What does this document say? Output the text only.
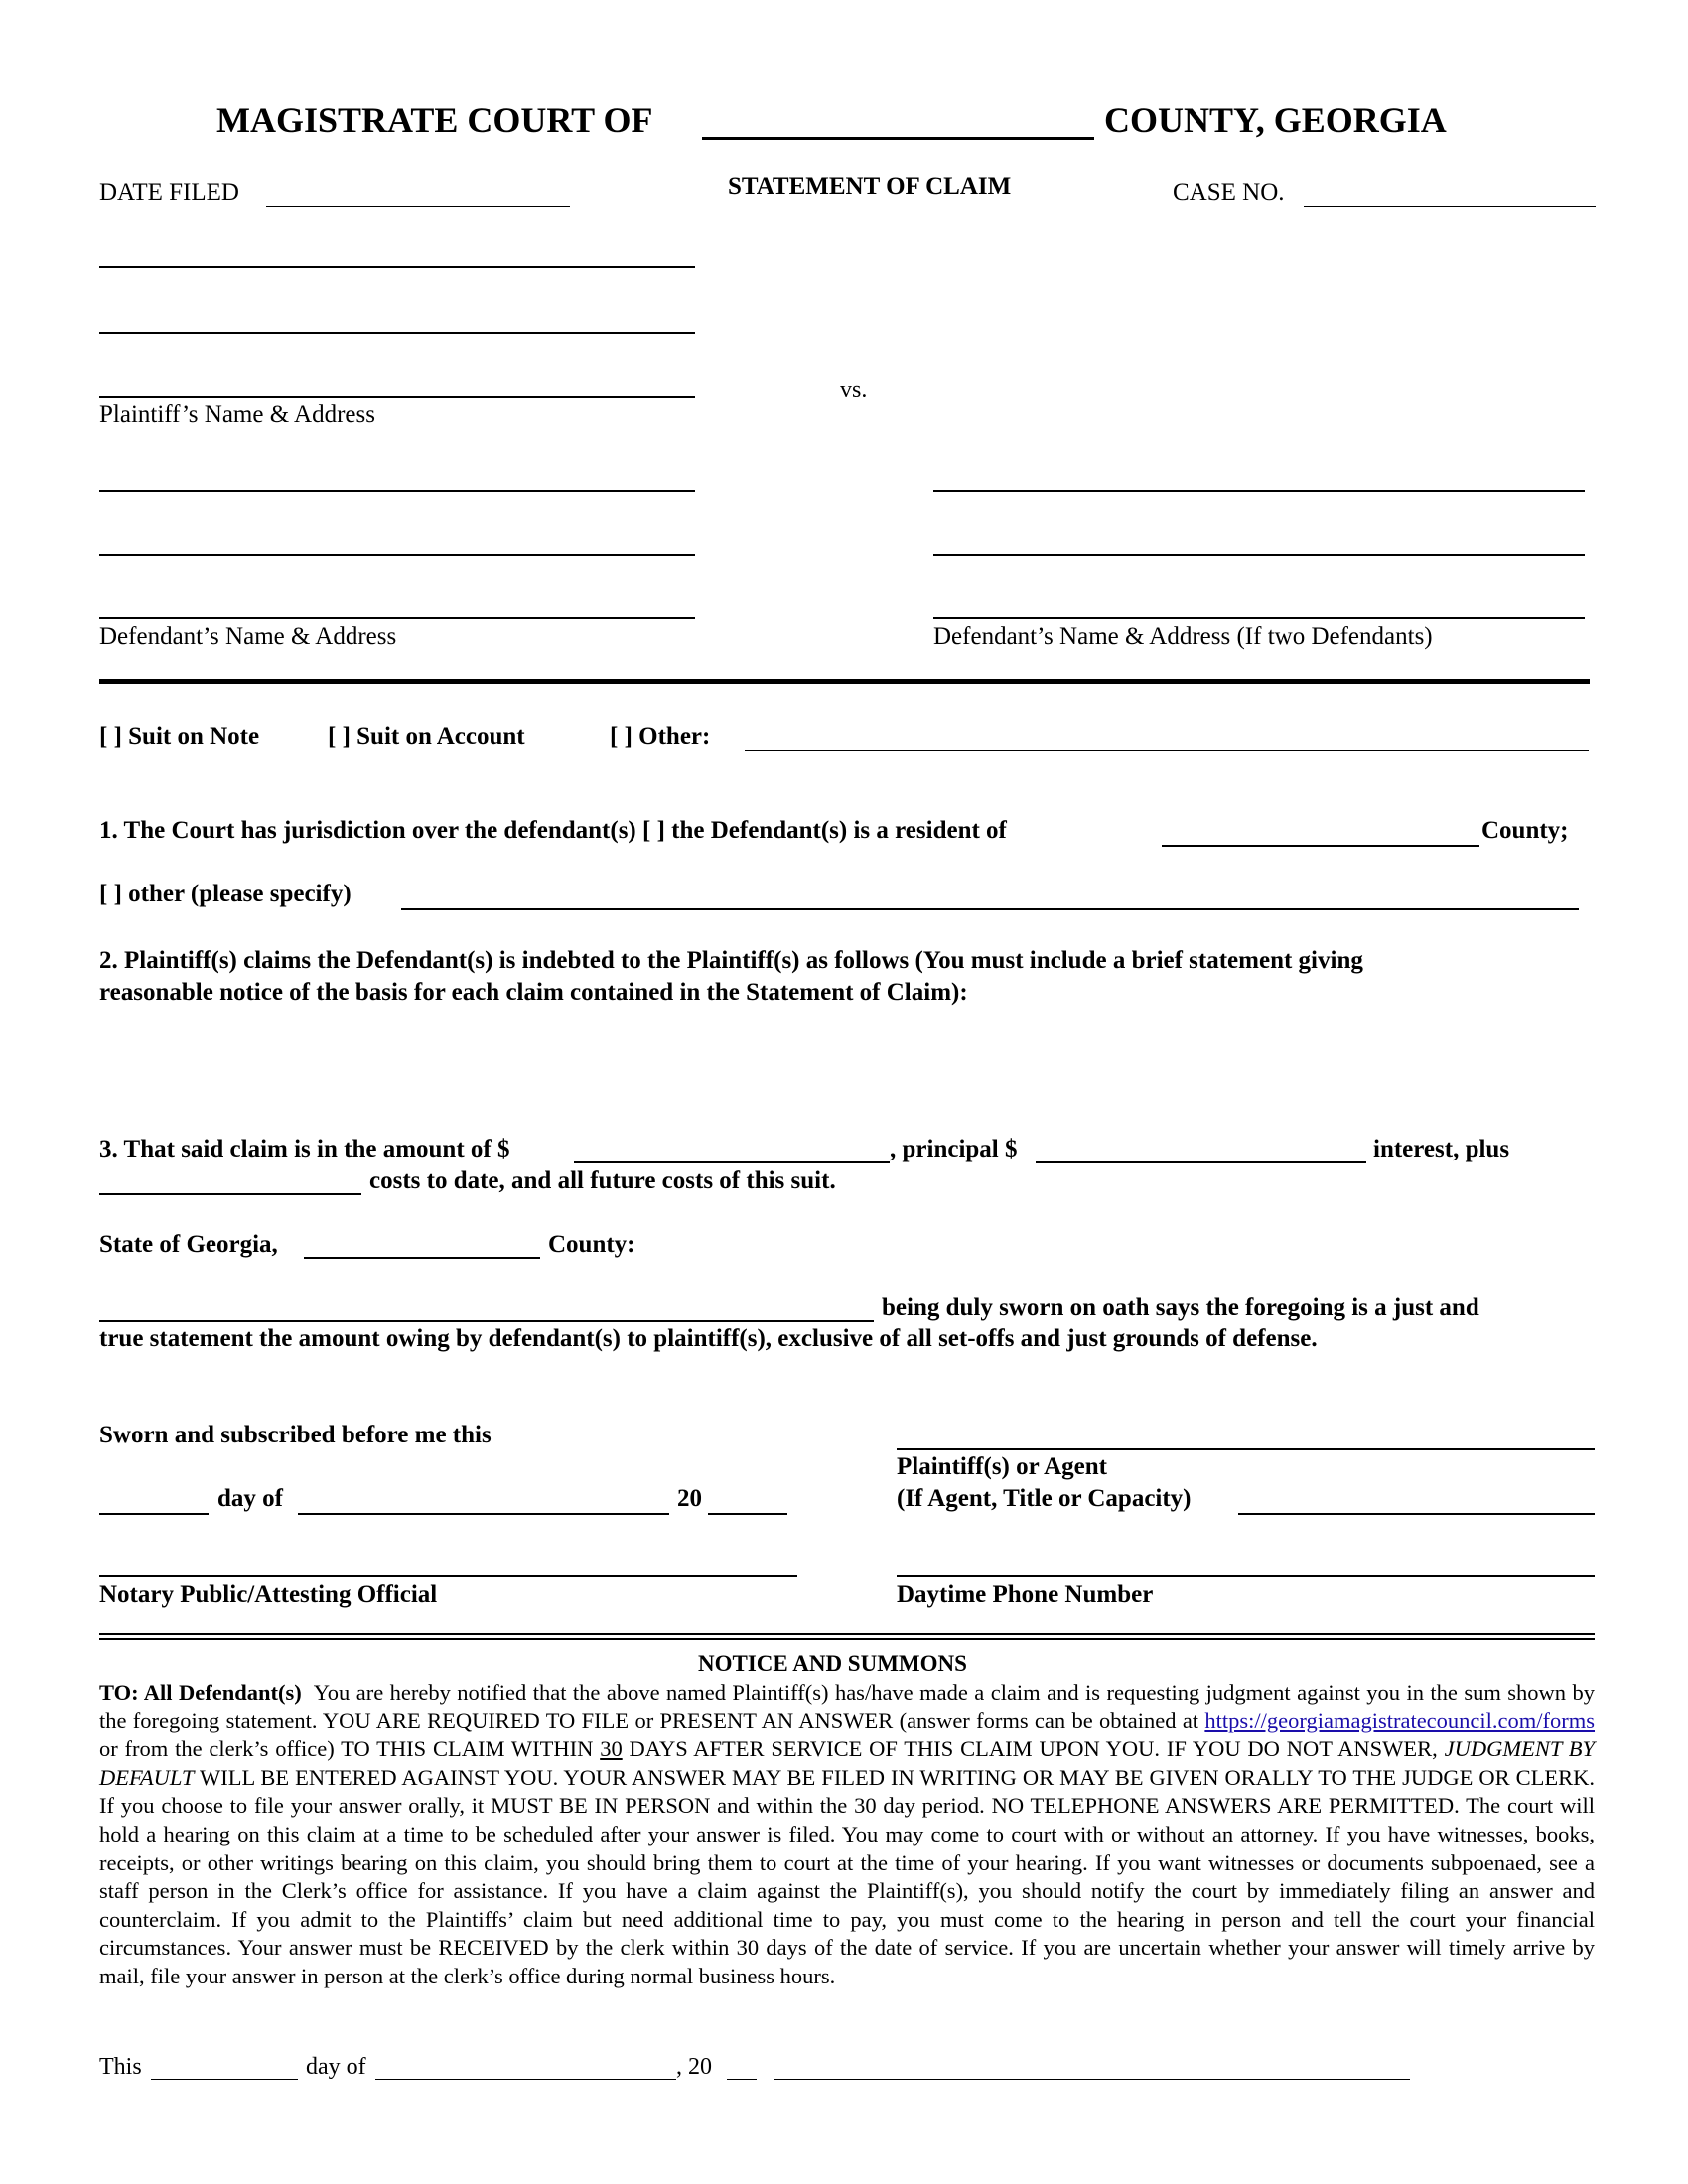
MAGISTRATE COURT OF	COUNTY, GEORGIA
DATE FILED	STATEMENT OF CLAIM	CASE NO.
Plaintiff’s Name & Address
vs.
Defendant’s Name & Address	Defendant’s Name & Address (If two Defendants)
[ ] Suit on Note	[ ] Suit on Account	[ ] Other:
1. The Court has jurisdiction over the defendant(s) [ ] the Defendant(s) is a resident of	County;
[ ] other (please specify)
2. Plaintiff(s) claims the Defendant(s) is indebted to the Plaintiff(s) as follows (You must include a brief statement giving
reasonable notice of the basis for each claim contained in the Statement of Claim):
3. That said claim is in the amount of $	, principal $	interest, plus
costs to date, and all future costs of this suit.
State of Georgia,	County:
being duly sworn on oath says the foregoing is a just and
true statement the amount owing by defendant(s) to plaintiff(s), exclusive of all set-offs and just grounds of defense.
Sworn and subscribed before me this
Plaintiff(s) or Agent
day of	20	(If Agent, Title or Capacity)
Notary Public/Attesting Official	Daytime Phone Number
NOTICE AND SUMMONS
TO: All Defendant(s) You are hereby notified that the above named Plaintiff(s) has/have made a claim and is requesting judgment against you in the sum shown by the foregoing statement. YOU ARE REQUIRED TO FILE or PRESENT AN ANSWER (answer forms can be obtained at https://georgiamagistratecouncil.com/forms or from the clerk’s office) TO THIS CLAIM WITHIN 30 DAYS AFTER SERVICE OF THIS CLAIM UPON YOU. IF YOU DO NOT ANSWER, JUDGMENT BY DEFAULT WILL BE ENTERED AGAINST YOU. YOUR ANSWER MAY BE FILED IN WRITING OR MAY BE GIVEN ORALLY TO THE JUDGE OR CLERK. If you choose to file your answer orally, it MUST BE IN PERSON and within the 30 day period. NO TELEPHONE ANSWERS ARE PERMITTED. The court will hold a hearing on this claim at a time to be scheduled after your answer is filed. You may come to court with or without an attorney. If you have witnesses, books, receipts, or other writings bearing on this claim, you should bring them to court at the time of your hearing. If you want witnesses or documents subpoenaed, see a staff person in the Clerk’s office for assistance. If you have a claim against the Plaintiff(s), you should notify the court by immediately filing an answer and counterclaim. If you admit to the Plaintiffs’ claim but need additional time to pay, you must come to the hearing in person and tell the court your financial circumstances. Your answer must be RECEIVED by the clerk within 30 days of the date of service. If you are uncertain whether your answer will timely arrive by mail, file your answer in person at the clerk’s office during normal business hours.
This	day of	, 20
